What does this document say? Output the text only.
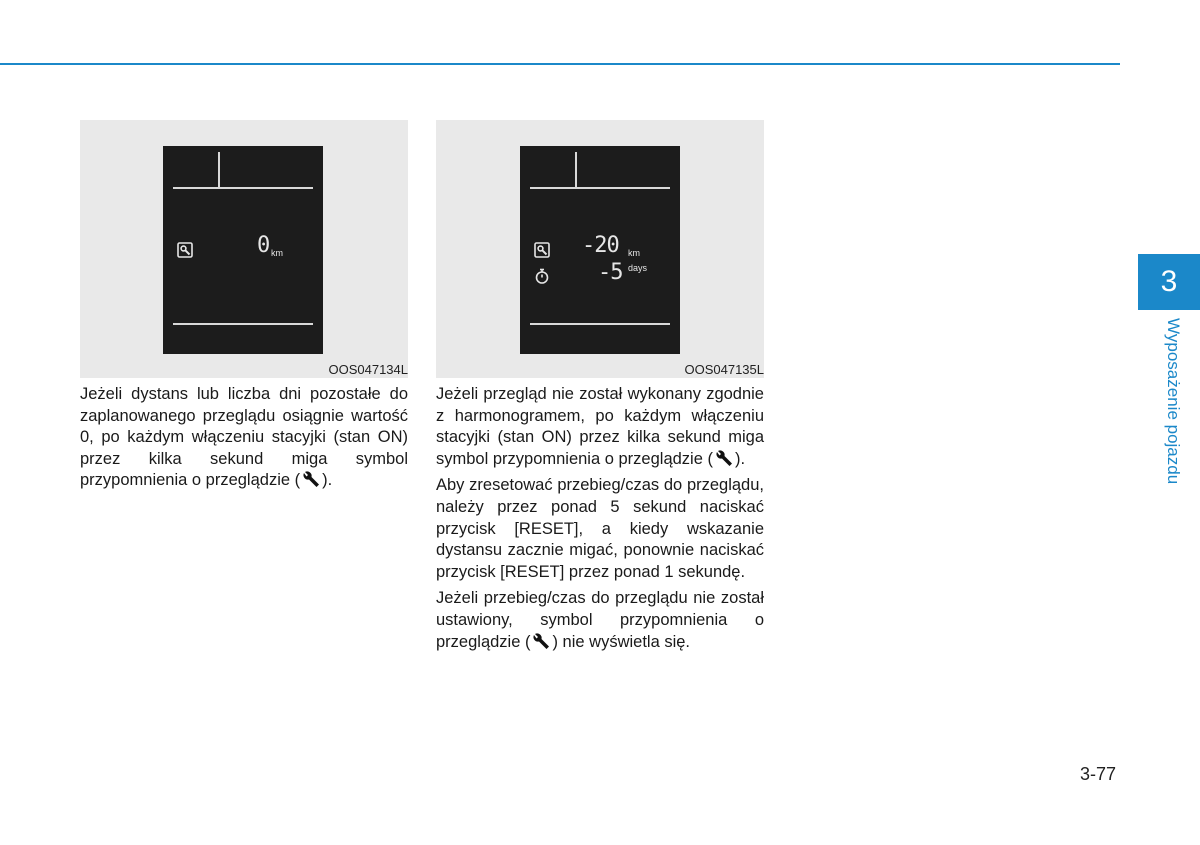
0 km
OOS047134L
-20 km
-5 days
OOS047135L

Jeżeli dystans lub liczba dni pozostałe do zaplanowanego przeglądu osiągnie wartość 0, po każdym włączeniu stacyjki (stan ON) przez kilka sekund miga symbol przypomnienia o przeglądzie ( ).

Jeżeli przegląd nie został wykonany zgodnie z harmonogramem, po każdym włączeniu stacyjki (stan ON) przez kilka sekund miga symbol przypomnienia o przeglądzie ( ).

Aby zresetować przebieg/czas do przeglądu, należy przez ponad 5 sekund naciskać przycisk [RESET], a kiedy wskazanie dystansu zacznie migać, ponownie naciskać przycisk [RESET] przez ponad 1 sekundę.

Jeżeli przebieg/czas do przeglądu nie został ustawiony, symbol przypomnienia o przeglądzie ( ) nie wyświetla się.

3
Wyposażenie pojazdu
3-77
